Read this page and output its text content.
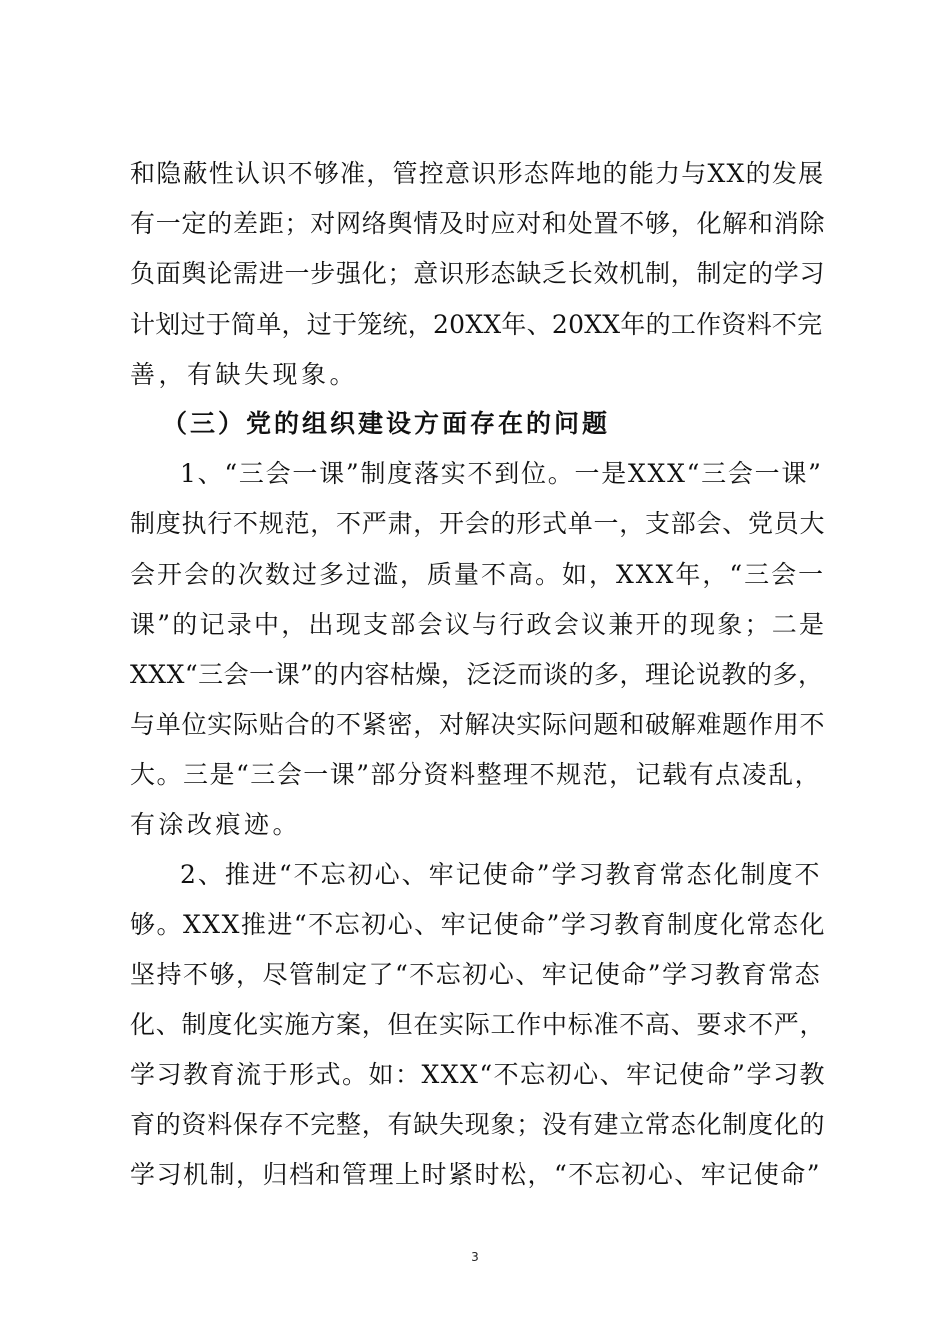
和隐蔽性认识不够准，管控意识形态阵地的能力与XX的发展
有一定的差距；对网络舆情及时应对和处置不够，化解和消除
负面舆论需进一步强化；意识形态缺乏长效机制，制定的学习
计划过于简单，过于笼统，20XX年、20XX年的工作资料不完
善，有缺失现象。
（三）党的组织建设方面存在的问题
1、“三会一课”制度落实不到位。一是XXX“三会一课”
制度执行不规范，不严肃，开会的形式单一，支部会、党员大
会开会的次数过多过滥，质量不高。如，XXX年，“三会一
课”的记录中，出现支部会议与行政会议兼开的现象；二是
XXX“三会一课”的内容枯燥，泛泛而谈的多，理论说教的多，
与单位实际贴合的不紧密，对解决实际问题和破解难题作用不
大。三是“三会一课”部分资料整理不规范，记载有点凌乱，
有涂改痕迹。
2、推进“不忘初心、牢记使命”学习教育常态化制度不
够。XXX推进“不忘初心、牢记使命”学习教育制度化常态化
坚持不够，尽管制定了“不忘初心、牢记使命”学习教育常态
化、制度化实施方案，但在实际工作中标准不高、要求不严，
学习教育流于形式。如：XXX“不忘初心、牢记使命”学习教
育的资料保存不完整，有缺失现象；没有建立常态化制度化的
学习机制，归档和管理上时紧时松，“不忘初心、牢记使命”
3
